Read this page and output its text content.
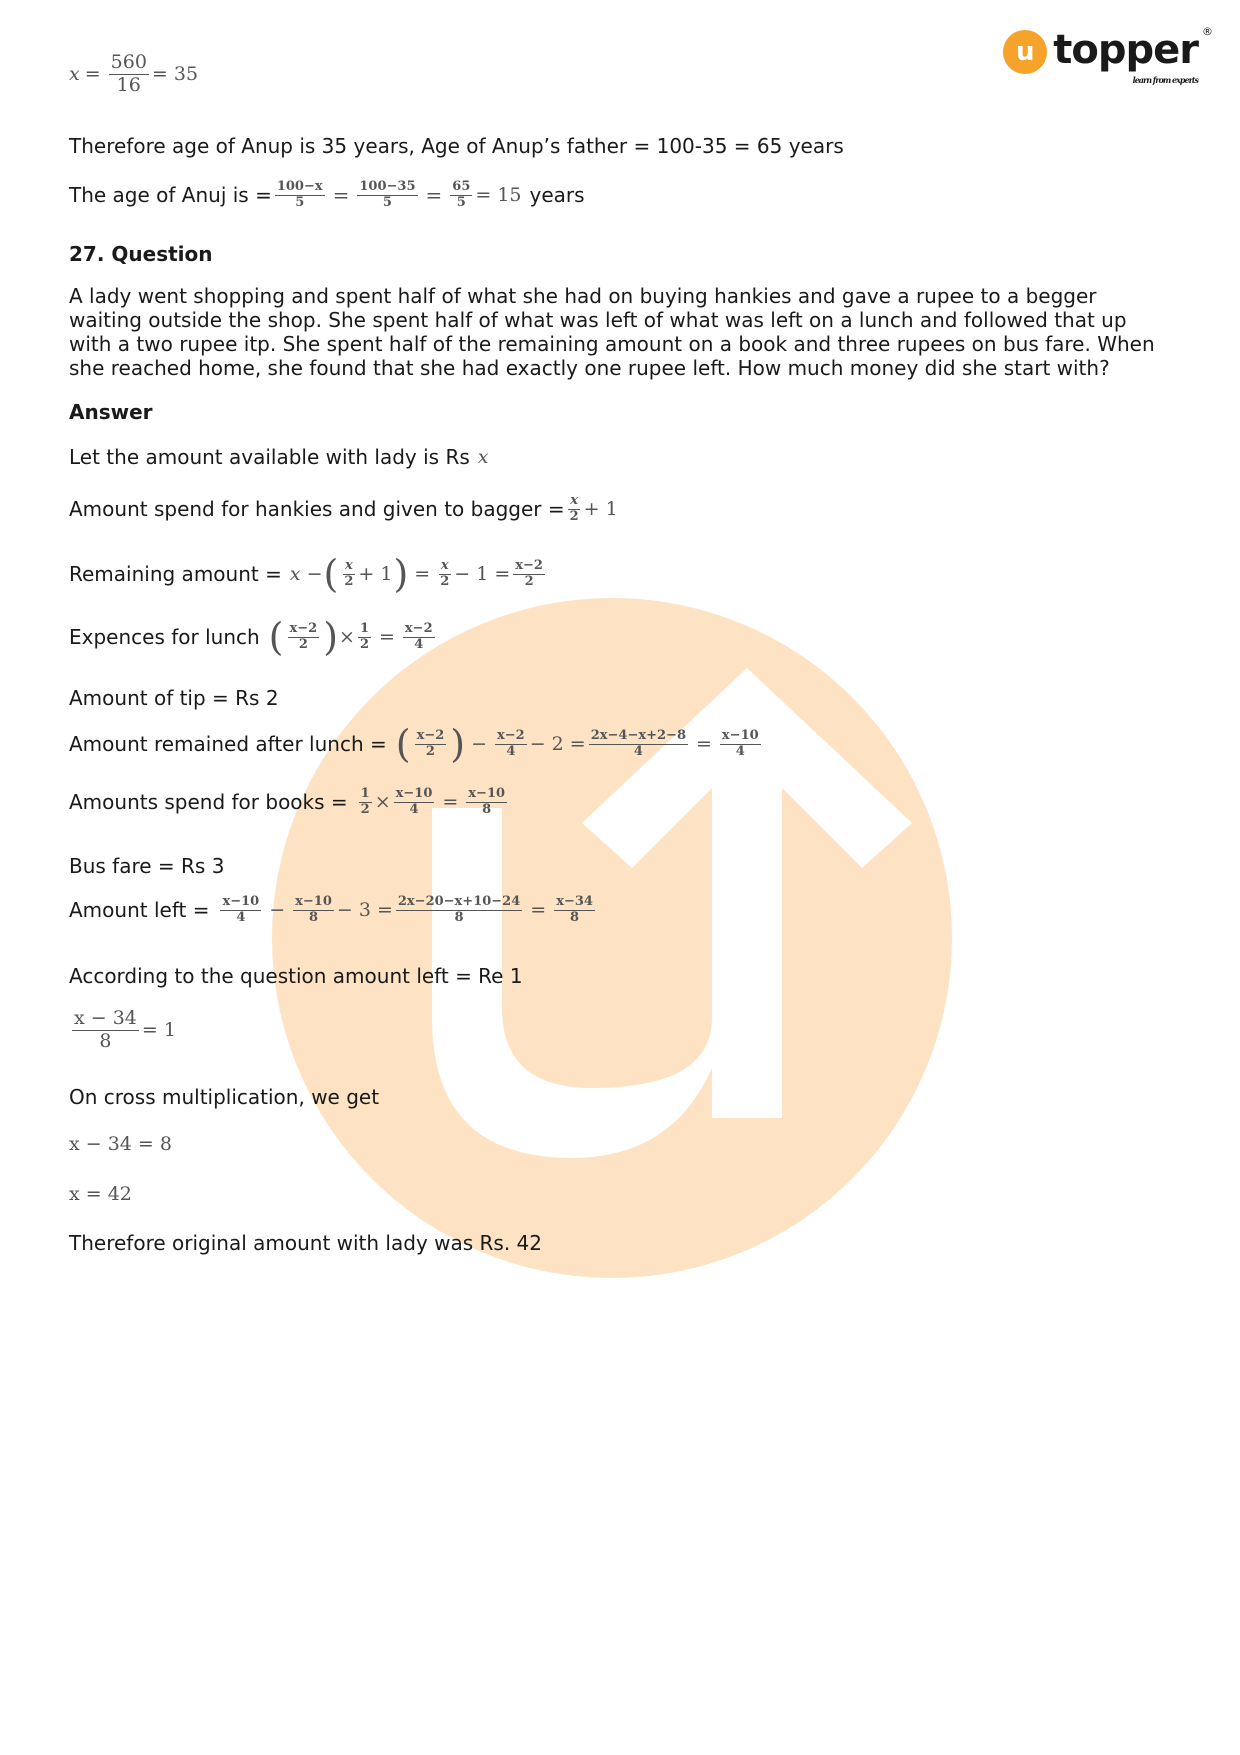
u topper ®
learn from experts
$x = \frac{560}{16} = 35$
Therefore age of Anup is 35 years, Age of Anup’s father = 100-35 = 65 years
The age of Anuj is = $\frac{100-x}{5} = \frac{100-35}{5} = \frac{65}{5} = 15$ years
27. Question
A lady went shopping and spent half of what she had on buying hankies and gave a rupee to a begger waiting outside the shop. She spent half of what was left of what was left on a lunch and followed that up with a two rupee itp. She spent half of the remaining amount on a book and three rupees on bus fare. When she reached home, she found that she had exactly one rupee left. How much money did she start with?
Answer
Let the amount available with lady is Rs x
Amount spend for hankies and given to bagger = $\frac{x}{2} + 1$
Remaining amount = x − ( $\frac{x}{2} + 1$ ) = $\frac{x}{2} - 1 = \frac{x-2}{2}$
Expences for lunch ( $\frac{x-2}{2}$ ) × $\frac{1}{2} = \frac{x-2}{4}$
Amount of tip = Rs 2
Amount remained after lunch = ( $\frac{x-2}{2}$ ) − $\frac{x-2}{4} - 2 = \frac{2x-4-x+2-8}{4} = \frac{x-10}{4}$
Amounts spend for books = $\frac{1}{2} \times \frac{x-10}{4} = \frac{x-10}{8}$
Bus fare = Rs 3
Amount left = $\frac{x-10}{4} - \frac{x-10}{8} - 3 = \frac{2x-20-x+10-24}{8} = \frac{x-34}{8}$
According to the question amount left = Re 1
$\frac{x - 34}{8} = 1$
On cross multiplication, we get
x − 34 = 8
x = 42
Therefore original amount with lady was Rs. 42
